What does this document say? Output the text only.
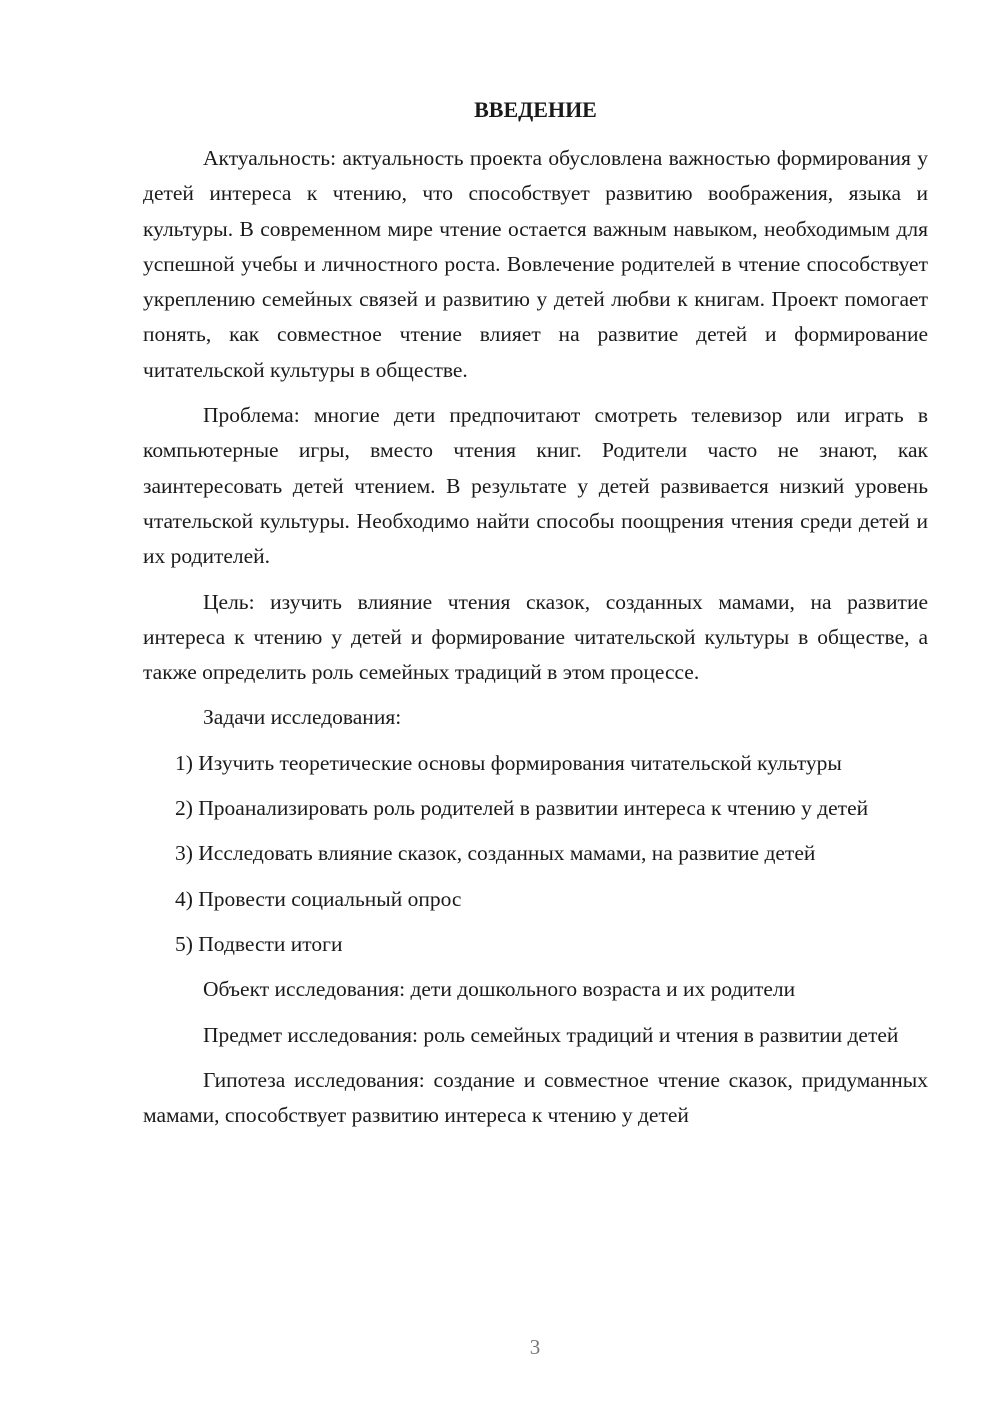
ВВЕДЕНИЕ

Актуальность: актуальность проекта обусловлена важностью формирования у детей интереса к чтению, что способствует развитию воображения, языка и культуры. В современном мире чтение остается важным навыком, необходимым для успешной учебы и личностного роста. Вовлечение родителей в чтение способствует укреплению семейных связей и развитию у детей любви к книгам. Проект помогает понять, как совместное чтение влияет на развитие детей и формирование читательской культуры в обществе.

Проблема: многие дети предпочитают смотреть телевизор или играть в компьютерные игры, вместо чтения книг. Родители часто не знают, как заинтересовать детей чтением. В результате у детей развивается низкий уровень чтательской культуры. Необходимо найти способы поощрения чтения среди детей и их родителей.

Цель: изучить влияние чтения сказок, созданных мамами, на развитие интереса к чтению у детей и формирование читательской культуры в обществе, а также определить роль семейных традиций в этом процессе.

Задачи исследования:

1) Изучить теоретические основы формирования читательской культуры

2) Проанализировать роль родителей в развитии интереса к чтению у детей

3) Исследовать влияние сказок, созданных мамами, на развитие детей

4) Провести социальный опрос

5) Подвести итоги

Объект исследования: дети дошкольного возраста и их родители

Предмет исследования: роль семейных традиций и чтения в развитии детей

Гипотеза исследования: создание и совместное чтение сказок, придуманных мамами, способствует развитию интереса к чтению у детей

3
